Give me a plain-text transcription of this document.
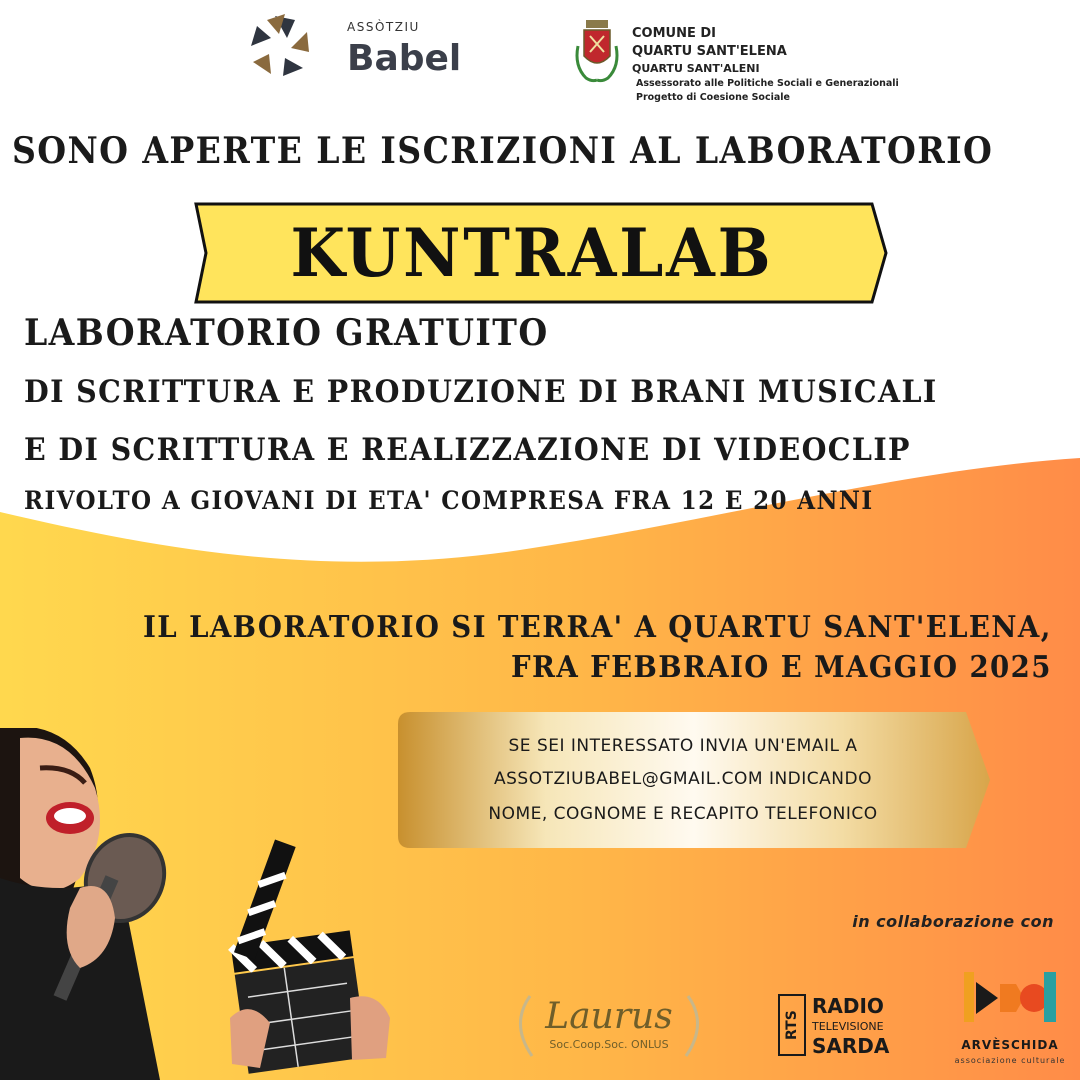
ASSÒTZIU
Babel
COMUNE DI
QUARTU SANT'ELENA
QUARTU SANT'ALENI
Assessorato alle Politiche Sociali e Generazionali
Progetto di Coesione Sociale
SONO APERTE LE ISCRIZIONI AL LABORATORIO
KUNTRALAB
LABORATORIO GRATUITO
DI SCRITTURA E PRODUZIONE DI BRANI MUSICALI
E DI SCRITTURA E REALIZZAZIONE DI VIDEOCLIP
RIVOLTO A GIOVANI DI ETA' COMPRESA FRA 12 E 20 ANNI
IL LABORATORIO SI TERRA' A QUARTU SANT'ELENA,
FRA FEBBRAIO E MAGGIO 2025
SE SEI INTERESSATO INVIA UN'EMAIL A
ASSOTZIUBABEL@GMAIL.COM INDICANDO
NOME, COGNOME E RECAPITO TELEFONICO
in collaborazione con
Laurus
Soc.Coop.Soc. ONLUS
RTS
RADIO
TELEVISIONE
SARDA	ARVÈSCHIDA
associazione culturale
